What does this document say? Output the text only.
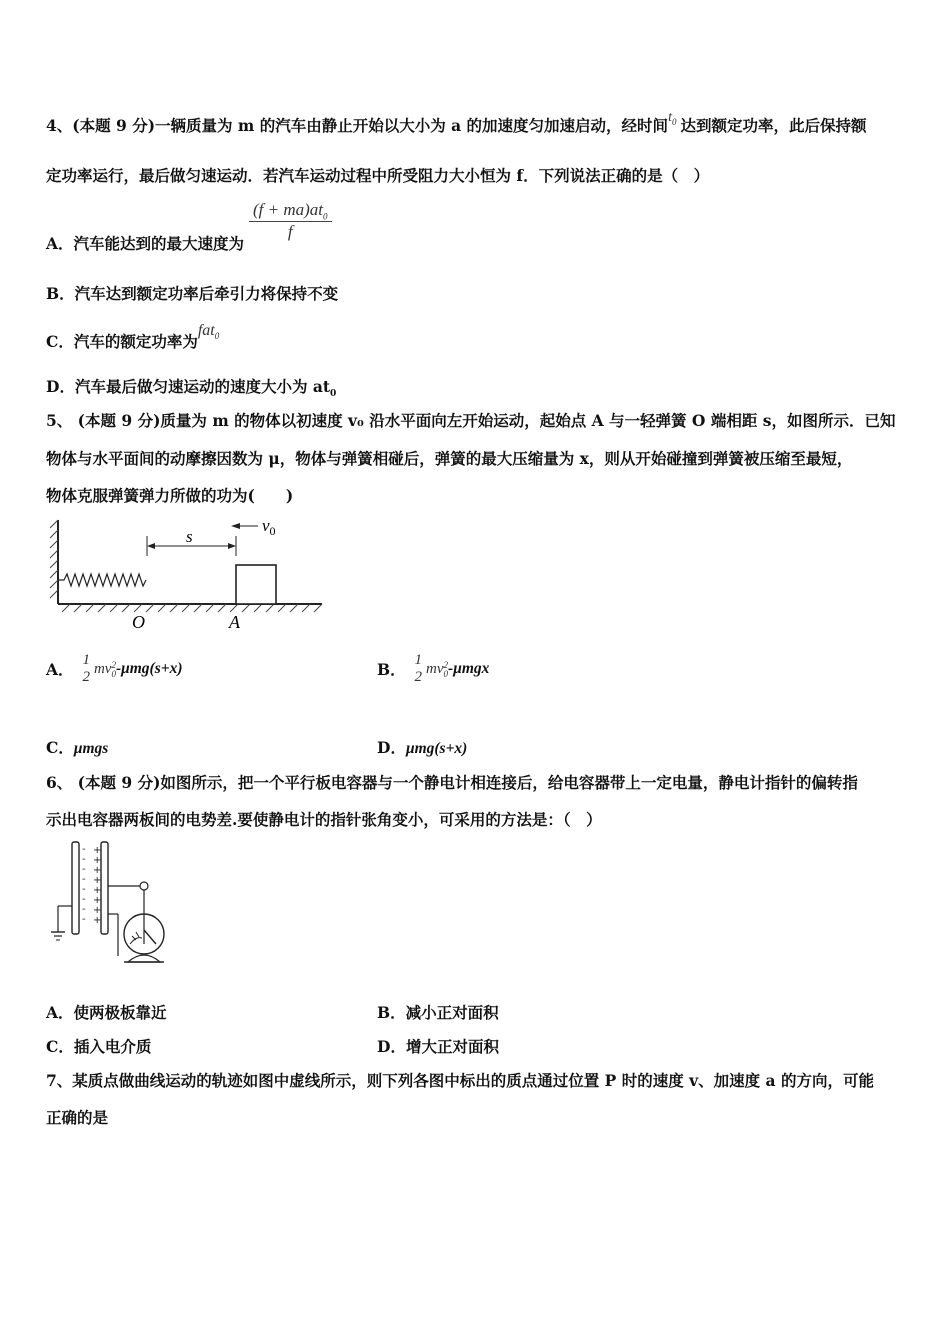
4、(本题 9 分)一辆质量为 m 的汽车由静止开始以大小为 a 的加速度匀加速启动，经时间$t_0$ 达到额定功率，此后保持额
定功率运行，最后做匀速运动．若汽车运动过程中所受阻力大小恒为 f．下列说法正确的是（　）
A．汽车能达到的最大速度为
$\frac{(f + ma)at_0}{f}$
B．汽车达到额定功率后牵引力将保持不变
C．汽车的额定功率为fat$_0$
D．汽车最后做匀速运动的速度大小为 $at_0$
5、 (本题 9 分)质量为 m 的物体以初速度 v₀ 沿水平面向左开始运动，起始点 A 与一轻弹簧 O 端相距 s，如图所示．已知
物体与水平面间的动摩擦因数为 μ，物体与弹簧相碰后，弹簧的最大压缩量为 x，则从开始碰撞到弹簧被压缩至最短，
物体克服弹簧弹力所做的功为(　　)
s
$v_0$
O	A
A． 1
2 mv 2
0 -μmg(s+x)	B． 1
2 mv 2
0 -μmgx
C．μmgs	D．μmg(s+x)
6、 (本题 9 分)如图所示，把一个平行板电容器与一个静电计相连接后，给电容器带上一定电量，静电计指针的偏转指
示出电容器两板间的电势差.要使静电计的指针张角变小，可采用的方法是：（　）
-
-
-
-
-
-
-
-
+
+
+
+
+
+
+
+
A．使两极板靠近	B．减小正对面积
C．插入电介质	D．增大正对面积
7、某质点做曲线运动的轨迹如图中虚线所示，则下列各图中标出的质点通过位置 P 时的速度 v、加速度 a 的方向，可能
正确的是
